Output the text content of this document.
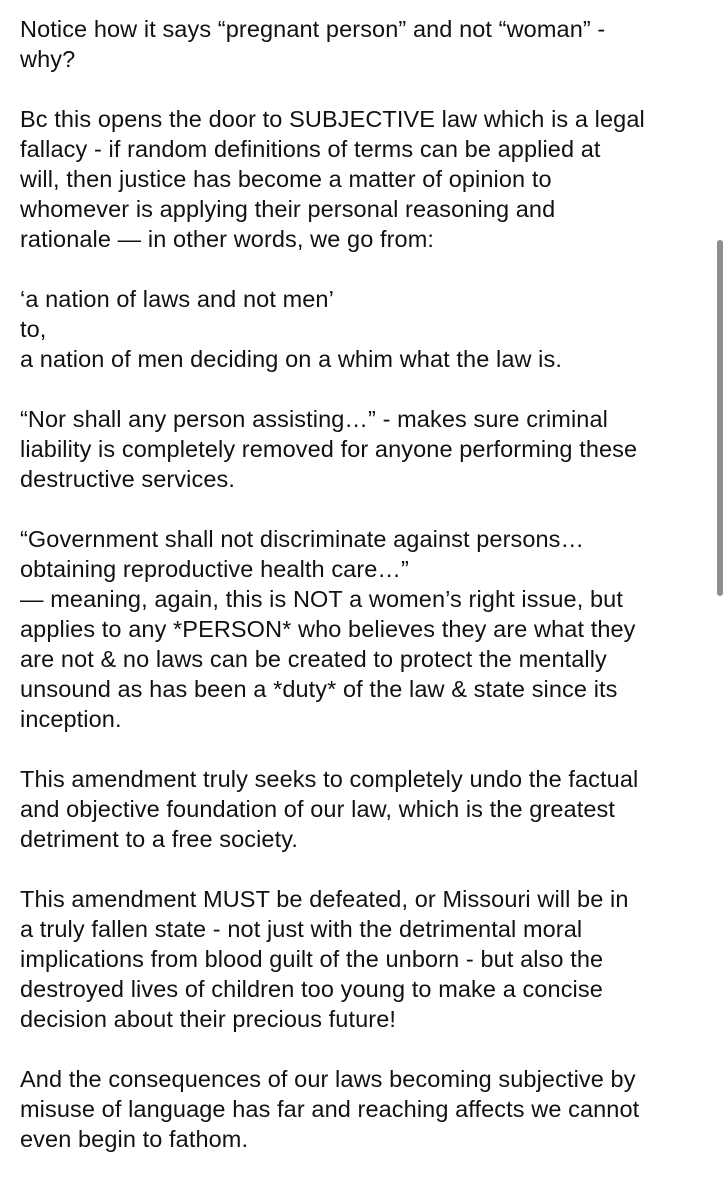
Notice how it says “pregnant person” and not “woman” -
why?

Bc this opens the door to SUBJECTIVE law which is a legal
fallacy - if random definitions of terms can be applied at
will, then justice has become a matter of opinion to
whomever is applying their personal reasoning and
rationale — in other words, we go from:

‘a nation of laws and not men’
to,
a nation of men deciding on a whim what the law is.

“Nor shall any person assisting…” - makes sure criminal
liability is completely removed for anyone performing these
destructive services.

“Government shall not discriminate against persons…
obtaining reproductive health care…”
— meaning, again, this is NOT a women’s right issue, but
applies to any *PERSON* who believes they are what they
are not & no laws can be created to protect the mentally
unsound as has been a *duty* of the law & state since its
inception.

This amendment truly seeks to completely undo the factual
and objective foundation of our law, which is the greatest
detriment to a free society.

This amendment MUST be defeated, or Missouri will be in
a truly fallen state - not just with the detrimental moral
implications from blood guilt of the unborn - but also the
destroyed lives of children too young to make a concise
decision about their precious future!

And the consequences of our laws becoming subjective by
misuse of language has far and reaching affects we cannot
even begin to fathom.
